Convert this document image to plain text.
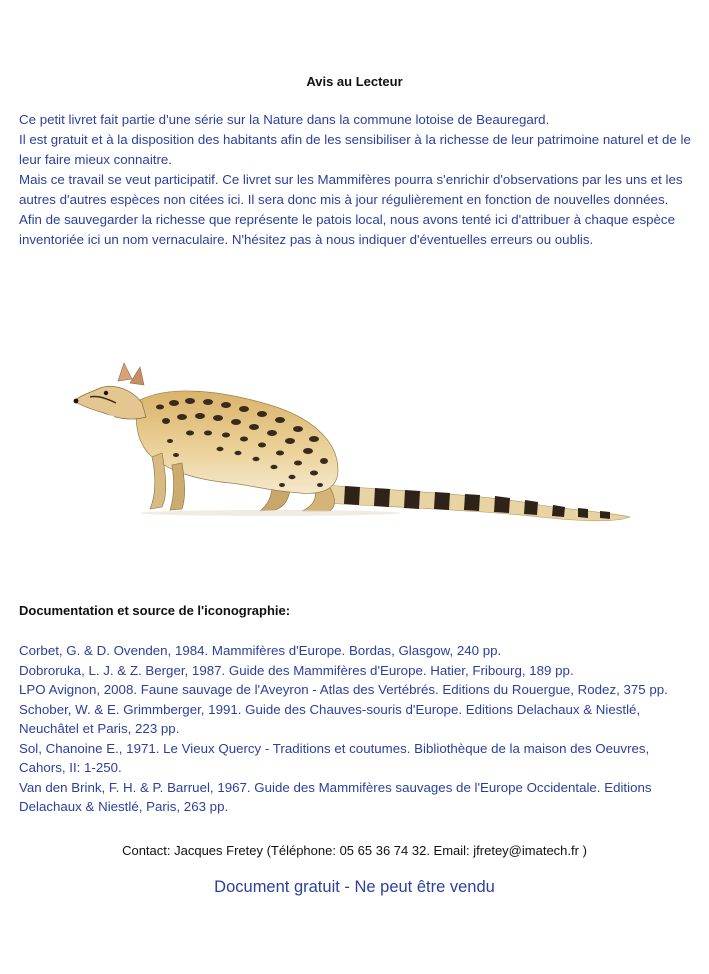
Avis au Lecteur

Ce petit livret fait partie d'une série sur la Nature dans la commune lotoise de Beauregard.

Il est gratuit et à la disposition des habitants afin de les sensibiliser à la richesse de leur patrimoine naturel et de le leur faire mieux connaitre.

Mais ce travail se veut participatif. Ce livret sur les Mammifères pourra s'enrichir d'observations par les uns et les autres d'autres espèces non citées ici. Il sera donc mis à jour régulièrement en fonction de nouvelles données.

Afin de sauvegarder la richesse que représente le patois local, nous avons tenté ici d'attribuer à chaque espèce inventoriée ici un nom vernaculaire. N'hésitez pas à nous indiquer d'éventuelles erreurs ou oublis.

Documentation et source de l'iconographie:

Corbet, G. & D. Ovenden, 1984. Mammifères d'Europe. Bordas, Glasgow, 240 pp.

Dobroruka, L. J. & Z. Berger, 1987. Guide des Mammifères d'Europe. Hatier, Fribourg, 189 pp.

LPO Avignon, 2008. Faune sauvage de l'Aveyron - Atlas des Vertébrés. Editions du Rouergue, Rodez, 375 pp.

Schober, W. & E. Grimmberger, 1991. Guide des Chauves-souris d'Europe. Editions Delachaux & Niestlé, Neuchâtel et Paris, 223 pp.

Sol, Chanoine E., 1971. Le Vieux Quercy - Traditions et coutumes. Bibliothèque de la maison des Oeuvres, Cahors, II: 1-250.

Van den Brink, F. H. & P. Barruel, 1967. Guide des Mammifères sauvages de l'Europe Occidentale. Editions Delachaux & Niestlé, Paris, 263 pp.

Contact: Jacques Fretey (Téléphone: 05 65 36 74 32. Email: jfretey@imatech.fr )
Document gratuit - Ne peut être vendu
